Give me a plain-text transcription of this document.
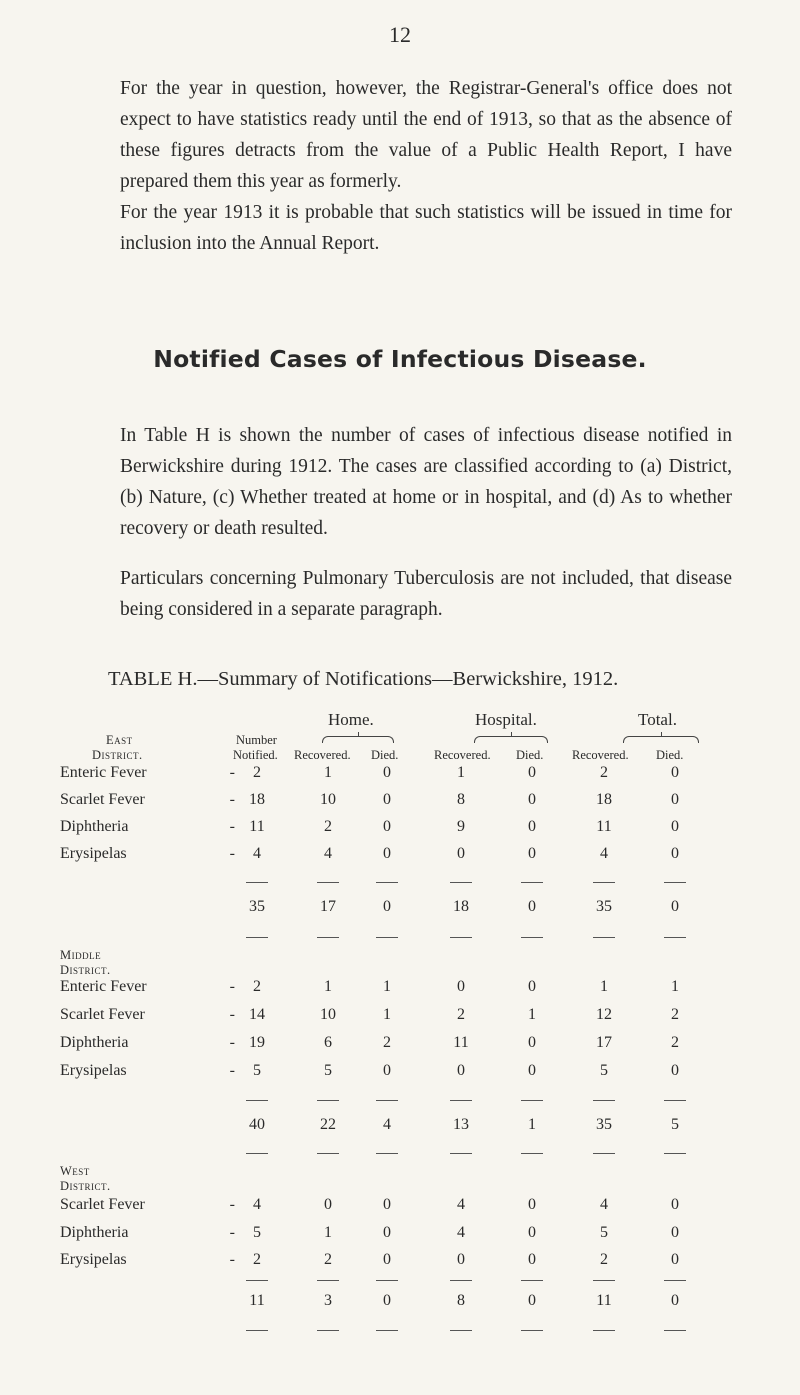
12

For the year in question, however, the Registrar-General's office does not expect to have statistics ready until the end of 1913, so that as the absence of these figures detracts from the value of a Public Health Report, I have prepared them this year as formerly.

For the year 1913 it is probable that such statistics will be issued in time for inclusion into the Annual Report.

Notified Cases of Infectious Disease.

In Table H is shown the number of cases of infectious disease notified in Berwickshire during 1912. The cases are classified according to (a) District, (b) Nature, (c) Whether treated at home or in hospital, and (d) As to whether recovery or death resulted.

Particulars concerning Pulmonary Tuberculosis are not included, that disease being considered in a separate paragraph.

TABLE H.—Summary of Notifications—Berwickshire, 1912.
Home.	Hospital.	Total.
East
District.
Number
Notified. Recovered. Died.	Recovered. Died. Recovered. Died.
Enteric Fever	-	2	1	0	1	0	2	0
Scarlet Fever	- 18	10	0	8	0	18	0
Diphtheria	- 11	2	0	9	0	11	0
Erysipelas	-	4	4	0	0	0	4	0
35	17	0	18	0	35	0
Middle
District.
Enteric Fever	-	2	1	1	0	0	1	1
Scarlet Fever	- 14	10	1	2	1	12	2
Diphtheria	- 19	6	2	11	0	17	2
Erysipelas	-	5	5	0	0	0	5	0
40	22	4	13	1	35	5
West
District.
Scarlet Fever	-	4	0	0	4	0	4	0
Diphtheria	-	5	1	0	4	0	5	0
Erysipelas	-	2	2	0	0	0	2	0
11	3	0	8	0	11	0
